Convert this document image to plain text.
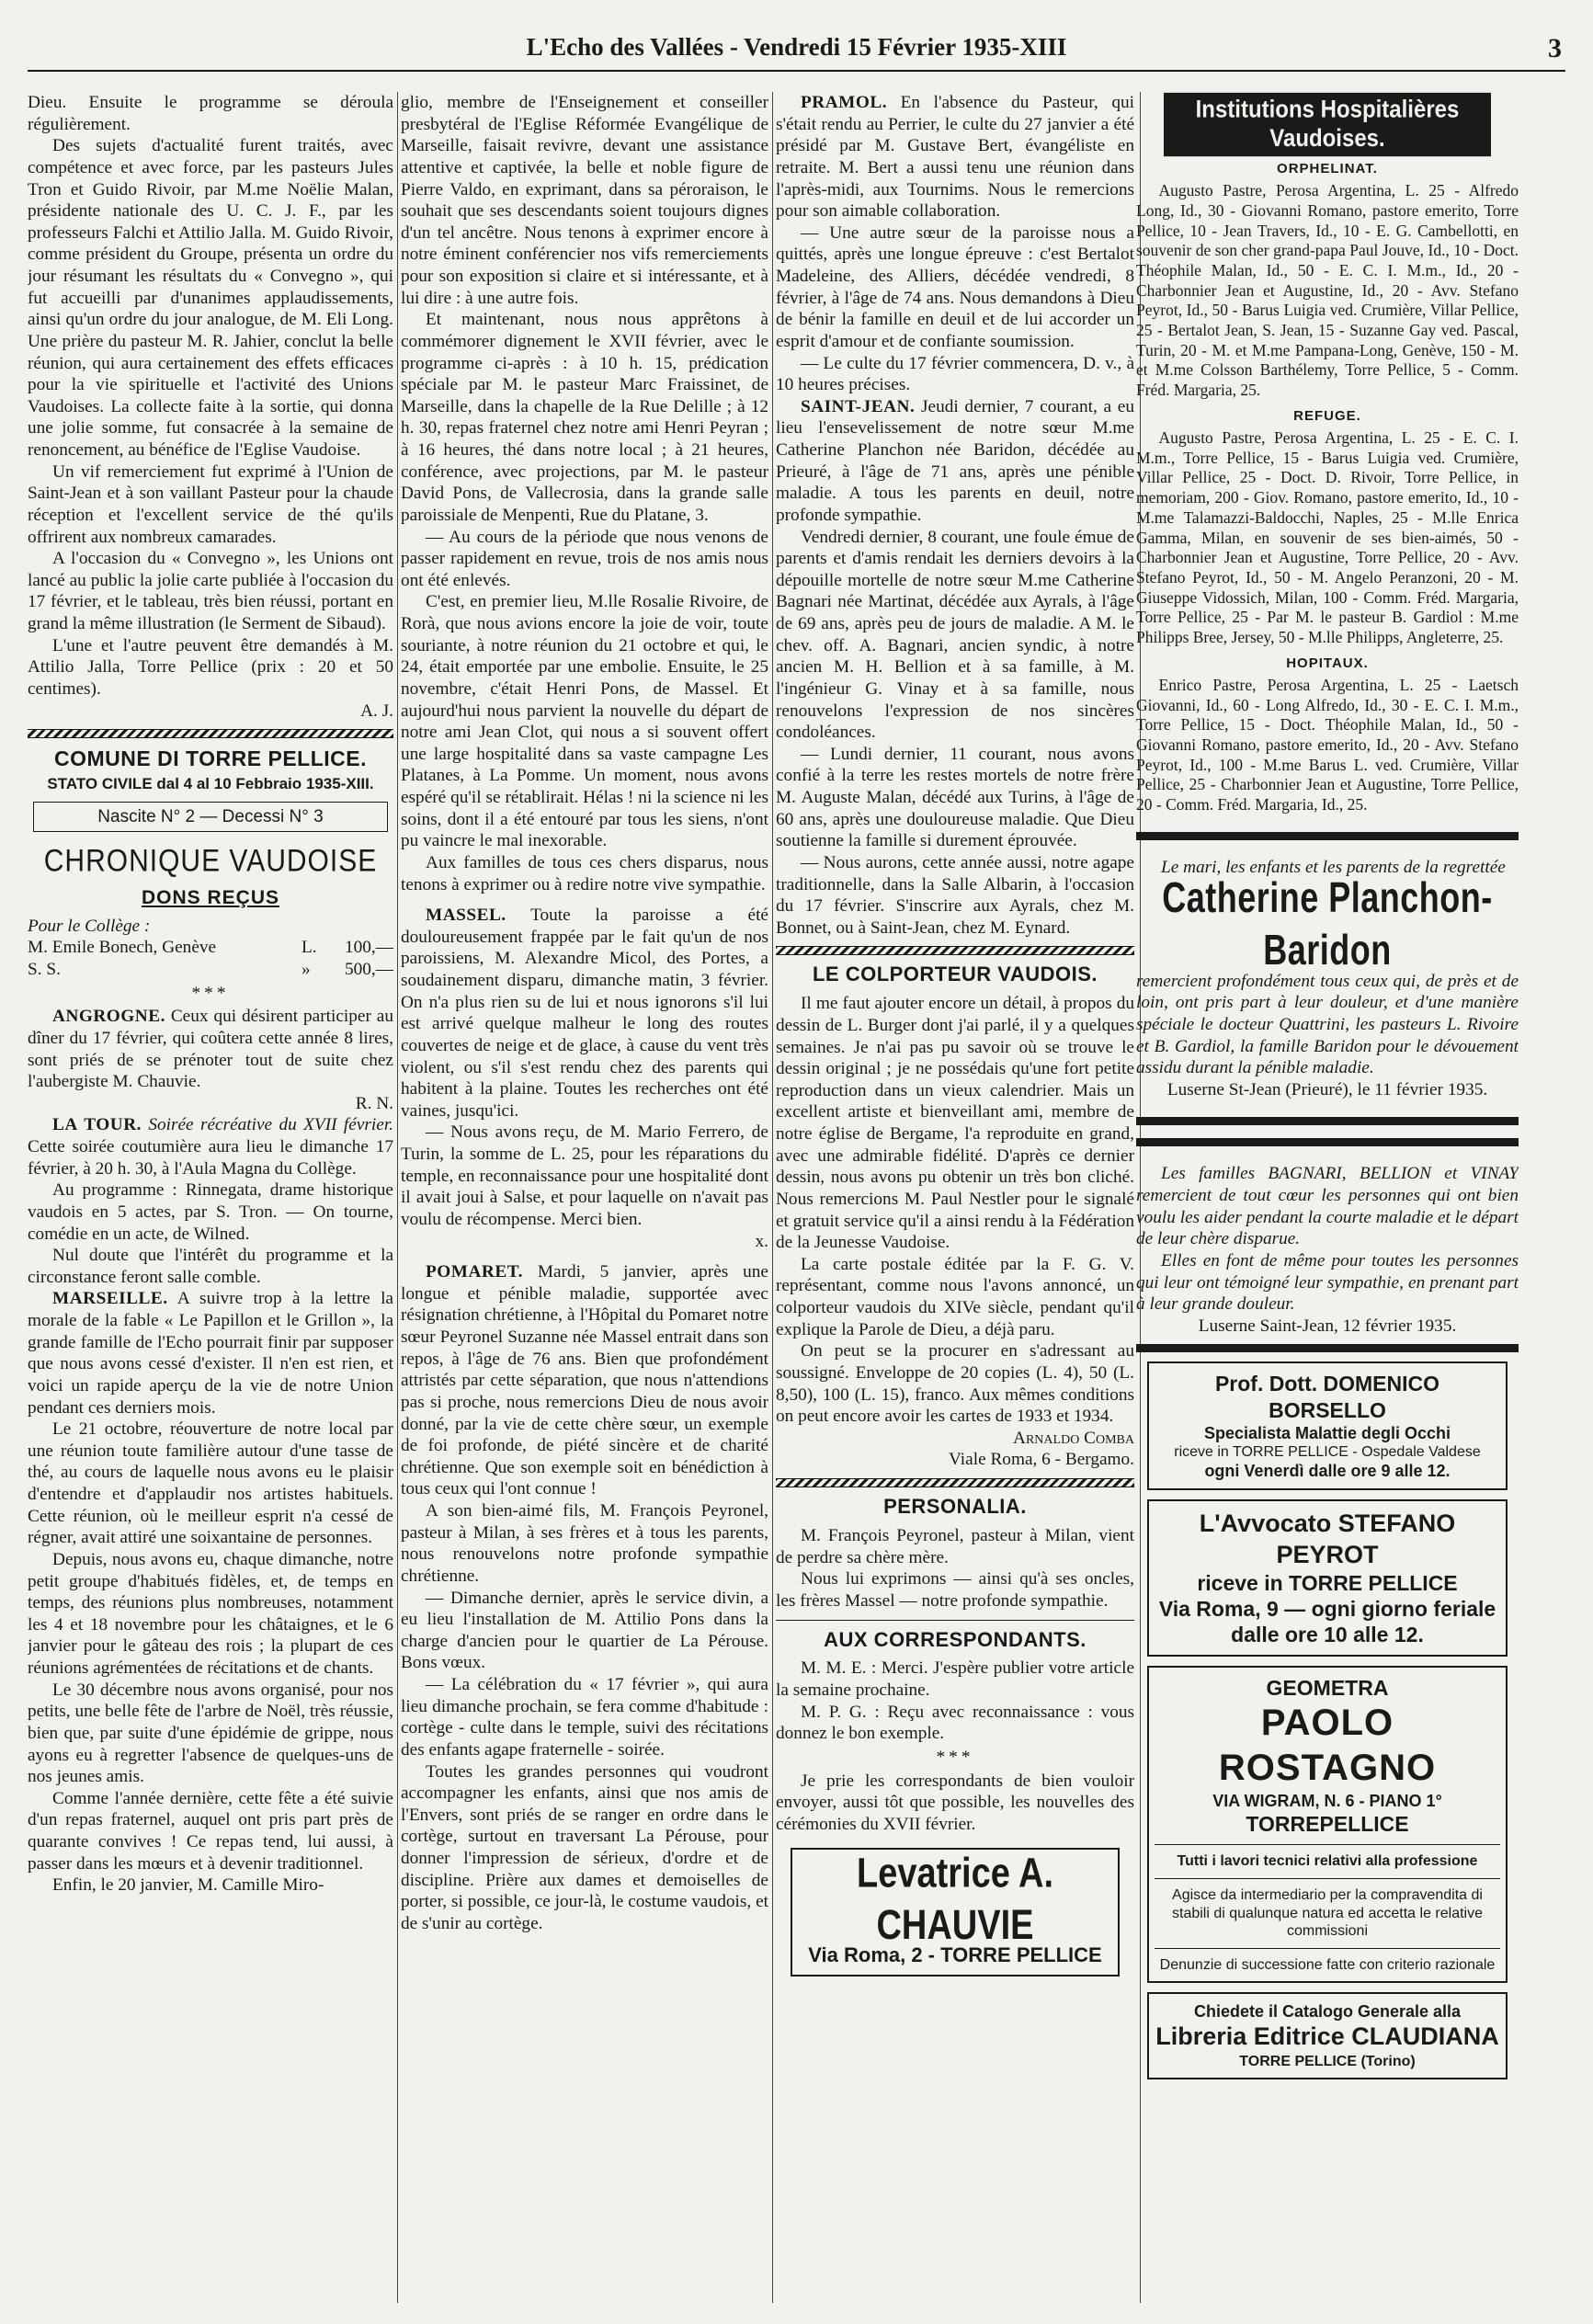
L'Echo des Vallées - Vendredi 15 Février 1935-XIII	3

Dieu. Ensuite le programme se déroula régulièrement.

Des sujets d'actualité furent traités, avec compétence et avec force, par les pasteurs Jules Tron et Guido Rivoir, par M.me Noëlie Malan, présidente nationale des U. C. J. F., par les professeurs Falchi et Attilio Jalla. M. Guido Rivoir, comme président du Groupe, présenta un ordre du jour résumant les résultats du « Convegno », qui fut accueilli par d'unanimes applaudissements, ainsi qu'un ordre du jour analogue, de M. Eli Long. Une prière du pasteur M. R. Jahier, conclut la belle réunion, qui aura certainement des effets efficaces pour la vie spirituelle et l'activité des Unions Vaudoises. La collecte faite à la sortie, qui donna une jolie somme, fut consacrée à la semaine de renoncement, au bénéfice de l'Eglise Vaudoise.

Un vif remerciement fut exprimé à l'Union de Saint-Jean et à son vaillant Pasteur pour la chaude réception et l'excellent service de thé qu'ils offrirent aux nombreux camarades.

A l'occasion du « Convegno », les Unions ont lancé au public la jolie carte publiée à l'occasion du 17 février, et le tableau, très bien réussi, portant en grand la même illustration (le Serment de Sibaud).

L'une et l'autre peuvent être demandés à M. Attilio Jalla, Torre Pellice (prix : 20 et 50 centimes).

A. J.

COMUNE DI TORRE PELLICE.
STATO CIVILE dal 4 al 10 Febbraio 1935-XIII.
Nascite N° 2 — Decessi N° 3
CHRONIQUE VAUDOISE
DONS REÇUS

Pour le Collège :

M. Emile Bonech, Genève	L.	100,—
S. S.	»	500,—

***

ANGROGNE. Ceux qui désirent participer au dîner du 17 février, qui coûtera cette année 8 lires, sont priés de se prénoter tout de suite chez l'aubergiste M. Chauvie.

R. N.

LA TOUR. Soirée récréative du XVII février. Cette soirée coutumière aura lieu le dimanche 17 février, à 20 h. 30, à l'Aula Magna du Collège.

Au programme : Rinnegata, drame historique vaudois en 5 actes, par S. Tron. — On tourne, comédie en un acte, de Wilned.

Nul doute que l'intérêt du programme et la circonstance feront salle comble.

MARSEILLE. A suivre trop à la lettre la morale de la fable « Le Papillon et le Grillon », la grande famille de l'Echo pourrait finir par supposer que nous avons cessé d'exister. Il n'en est rien, et voici un rapide aperçu de la vie de notre Union pendant ces derniers mois.

Le 21 octobre, réouverture de notre local par une réunion toute familière autour d'une tasse de thé, au cours de laquelle nous avons eu le plaisir d'entendre et d'applaudir nos artistes habituels. Cette réunion, où le meilleur esprit n'a cessé de régner, avait attiré une soixantaine de personnes.

Depuis, nous avons eu, chaque dimanche, notre petit groupe d'habitués fidèles, et, de temps en temps, des réunions plus nombreuses, notamment les 4 et 18 novembre pour les châtaignes, et le 6 janvier pour le gâteau des rois ; la plupart de ces réunions agrémentées de récitations et de chants.

Le 30 décembre nous avons organisé, pour nos petits, une belle fête de l'arbre de Noël, très réussie, bien que, par suite d'une épidémie de grippe, nous ayons eu à regretter l'absence de quelques-uns de nos jeunes amis.

Comme l'année dernière, cette fête a été suivie d'un repas fraternel, auquel ont pris part près de quarante convives ! Ce repas tend, lui aussi, à passer dans les mœurs et à devenir traditionnel.

Enfin, le 20 janvier, M. Camille Miro-

glio, membre de l'Enseignement et conseiller presbytéral de l'Eglise Réformée Evangélique de Marseille, faisait revivre, devant une assistance attentive et captivée, la belle et noble figure de Pierre Valdo, en exprimant, dans sa péroraison, le souhait que ses descendants soient toujours dignes d'un tel ancêtre. Nous tenons à exprimer encore à notre éminent conférencier nos vifs remerciements pour son exposition si claire et si intéressante, et à lui dire : à une autre fois.

Et maintenant, nous nous apprêtons à commémorer dignement le XVII février, avec le programme ci-après : à 10 h. 15, prédication spéciale par M. le pasteur Marc Fraissinet, de Marseille, dans la chapelle de la Rue Delille ; à 12 h. 30, repas fraternel chez notre ami Henri Peyran ; à 16 heures, thé dans notre local ; à 21 heures, conférence, avec projections, par M. le pasteur David Pons, de Vallecrosia, dans la grande salle paroissiale de Menpenti, Rue du Platane, 3.

— Au cours de la période que nous venons de passer rapidement en revue, trois de nos amis nous ont été enlevés.

C'est, en premier lieu, M.lle Rosalie Rivoire, de Rorà, que nous avions encore la joie de voir, toute souriante, à notre réunion du 21 octobre et qui, le 24, était emportée par une embolie. Ensuite, le 25 novembre, c'était Henri Pons, de Massel. Et aujourd'hui nous parvient la nouvelle du départ de notre ami Jean Clot, qui nous a si souvent offert une large hospitalité dans sa vaste campagne Les Platanes, à La Pomme. Un moment, nous avons espéré qu'il se rétablirait. Hélas ! ni la science ni les soins, dont il a été entouré par tous les siens, n'ont pu vaincre le mal inexorable.

Aux familles de tous ces chers disparus, nous tenons à exprimer ou à redire notre vive sympathie.

MASSEL. Toute la paroisse a été douloureusement frappée par le fait qu'un de nos paroissiens, M. Alexandre Micol, des Portes, a soudainement disparu, dimanche matin, 3 février. On n'a plus rien su de lui et nous ignorons s'il lui est arrivé quelque malheur le long des routes couvertes de neige et de glace, à cause du vent très violent, ou s'il s'est rendu chez des parents qui habitent à la plaine. Toutes les recherches ont été vaines, jusqu'ici.

— Nous avons reçu, de M. Mario Ferrero, de Turin, la somme de L. 25, pour les réparations du temple, en reconnaissance pour une hospitalité dont il avait joui à Salse, et pour laquelle on n'avait pas voulu de récompense. Merci bien.

x.

POMARET. Mardi, 5 janvier, après une longue et pénible maladie, supportée avec résignation chrétienne, à l'Hôpital du Pomaret notre sœur Peyronel Suzanne née Massel entrait dans son repos, à l'âge de 76 ans. Bien que profondément attristés par cette séparation, que nous n'attendions pas si proche, nous remercions Dieu de nous avoir donné, par la vie de cette chère sœur, un exemple de foi profonde, de piété sincère et de charité chrétienne. Que son exemple soit en bénédiction à tous ceux qui l'ont connue !

A son bien-aimé fils, M. François Peyronel, pasteur à Milan, à ses frères et à tous les parents, nous renouvelons notre profonde sympathie chrétienne.

— Dimanche dernier, après le service divin, a eu lieu l'installation de M. Attilio Pons dans la charge d'ancien pour le quartier de La Pérouse. Bons vœux.

— La célébration du « 17 février », qui aura lieu dimanche prochain, se fera comme d'habitude : cortège - culte dans le temple, suivi des récitations des enfants agape fraternelle - soirée.

Toutes les grandes personnes qui voudront accompagner les enfants, ainsi que nos amis de l'Envers, sont priés de se ranger en ordre dans le cortège, surtout en traversant La Pérouse, pour donner l'impression de sérieux, d'ordre et de discipline. Prière aux dames et demoiselles de porter, si possible, ce jour-là, le costume vaudois, et de s'unir au cortège.

PRAMOL. En l'absence du Pasteur, qui s'était rendu au Perrier, le culte du 27 janvier a été présidé par M. Gustave Bert, évangéliste en retraite. M. Bert a aussi tenu une réunion dans l'après-midi, aux Tournims. Nous le remercions pour son aimable collaboration.

— Une autre sœur de la paroisse nous a quittés, après une longue épreuve : c'est Bertalot Madeleine, des Alliers, décédée vendredi, 8 février, à l'âge de 74 ans. Nous demandons à Dieu de bénir la famille en deuil et de lui accorder un esprit d'amour et de confiante soumission.

— Le culte du 17 février commencera, D. v., à 10 heures précises.

SAINT-JEAN. Jeudi dernier, 7 courant, a eu lieu l'ensevelissement de notre sœur M.me Catherine Planchon née Baridon, décédée au Prieuré, à l'âge de 71 ans, après une pénible maladie. A tous les parents en deuil, notre profonde sympathie.

Vendredi dernier, 8 courant, une foule émue de parents et d'amis rendait les derniers devoirs à la dépouille mortelle de notre sœur M.me Catherine Bagnari née Martinat, décédée aux Ayrals, à l'âge de 69 ans, après peu de jours de maladie. A M. le chev. off. A. Bagnari, ancien syndic, à notre ancien M. H. Bellion et à sa famille, à M. l'ingénieur G. Vinay et à sa famille, nous renouvelons l'expression de nos sincères condoléances.

— Lundi dernier, 11 courant, nous avons confié à la terre les restes mortels de notre frère M. Auguste Malan, décédé aux Turins, à l'âge de 60 ans, après une douloureuse maladie. Que Dieu soutienne la famille si durement éprouvée.

— Nous aurons, cette année aussi, notre agape traditionnelle, dans la Salle Albarin, à l'occasion du 17 février. S'inscrire aux Ayrals, chez M. Bonnet, ou à Saint-Jean, chez M. Eynard.

LE COLPORTEUR VAUDOIS.

Il me faut ajouter encore un détail, à propos du dessin de L. Burger dont j'ai parlé, il y a quelques semaines. Je n'ai pas pu savoir où se trouve le dessin original ; je ne possédais qu'une fort petite reproduction dans un vieux calendrier. Mais un excellent artiste et bienveillant ami, membre de notre église de Bergame, l'a reproduite en grand, avec une admirable fidélité. D'après ce dernier dessin, nous avons pu obtenir un très bon cliché. Nous remercions M. Paul Nestler pour le signalé et gratuit service qu'il a ainsi rendu à la Fédération de la Jeunesse Vaudoise.

La carte postale éditée par la F. G. V. représentant, comme nous l'avons annoncé, un colporteur vaudois du XIVe siècle, pendant qu'il explique la Parole de Dieu, a déjà paru.

On peut se la procurer en s'adressant au soussigné. Enveloppe de 20 copies (L. 4), 50 (L. 8,50), 100 (L. 15), franco. Aux mêmes conditions on peut encore avoir les cartes de 1933 et 1934.

Arnaldo Comba

Viale Roma, 6 - Bergamo.

PERSONALIA.

M. François Peyronel, pasteur à Milan, vient de perdre sa chère mère.

Nous lui exprimons — ainsi qu'à ses oncles, les frères Massel — notre profonde sympathie.

AUX CORRESPONDANTS.

M. M. E. : Merci. J'espère publier votre article la semaine prochaine.

M. P. G. : Reçu avec reconnaissance : vous donnez le bon exemple.

***

Je prie les correspondants de bien vouloir envoyer, aussi tôt que possible, les nouvelles des cérémonies du XVII février.

Levatrice A. CHAUVIE
Via Roma, 2 - TORRE PELLICE
Institutions Hospitalières Vaudoises.
ORPHELINAT.

Augusto Pastre, Perosa Argentina, L. 25 - Alfredo Long, Id., 30 - Giovanni Romano, pastore emerito, Torre Pellice, 10 - Jean Travers, Id., 10 - E. G. Cambellotti, en souvenir de son cher grand-papa Paul Jouve, Id., 10 - Doct. Théophile Malan, Id., 50 - E. C. I. M.m., Id., 20 - Charbonnier Jean et Augustine, Id., 20 - Avv. Stefano Peyrot, Id., 50 - Barus Luigia ved. Crumière, Villar Pellice, 25 - Bertalot Jean, S. Jean, 15 - Suzanne Gay ved. Pascal, Turin, 20 - M. et M.me Pampana-Long, Genève, 150 - M. et M.me Colsson Barthélemy, Torre Pellice, 5 - Comm. Fréd. Margaria, 25.

REFUGE.

Augusto Pastre, Perosa Argentina, L. 25 - E. C. I. M.m., Torre Pellice, 15 - Barus Luigia ved. Crumière, Villar Pellice, 25 - Doct. D. Rivoir, Torre Pellice, in memoriam, 200 - Giov. Romano, pastore emerito, Id., 10 - M.me Talamazzi-Baldocchi, Naples, 25 - M.lle Enrica Gamma, Milan, en souvenir de ses bien-aimés, 50 - Charbonnier Jean et Augustine, Torre Pellice, 20 - Avv. Stefano Peyrot, Id., 50 - M. Angelo Peranzoni, 20 - M. Giuseppe Vidossich, Milan, 100 - Comm. Fréd. Margaria, Torre Pellice, 25 - Par M. le pasteur B. Gardiol : M.me Philipps Bree, Jersey, 50 - M.lle Philipps, Angleterre, 25.

HOPITAUX.

Enrico Pastre, Perosa Argentina, L. 25 - Laetsch Giovanni, Id., 60 - Long Alfredo, Id., 30 - E. C. I. M.m., Torre Pellice, 15 - Doct. Théophile Malan, Id., 50 - Giovanni Romano, pastore emerito, Id., 20 - Avv. Stefano Peyrot, Id., 100 - M.me Barus L. ved. Crumière, Villar Pellice, 25 - Charbonnier Jean et Augustine, Torre Pellice, 20 - Comm. Fréd. Margaria, Id., 25.

Le mari, les enfants et les parents de la regrettée

Catherine Planchon-Baridon

remercient profondément tous ceux qui, de près et de loin, ont pris part à leur douleur, et d'une manière spéciale le docteur Quattrini, les pasteurs L. Rivoire et B. Gardiol, la famille Baridon pour le dévouement assidu durant la pénible maladie.

Luserne St-Jean (Prieuré), le 11 février 1935.

Les familles BAGNARI, BELLION et VINAY remercient de tout cœur les personnes qui ont bien voulu les aider pendant la courte maladie et le départ de leur chère disparue.

Elles en font de même pour toutes les personnes qui leur ont témoigné leur sympathie, en prenant part à leur grande douleur.

Luserne Saint-Jean, 12 février 1935.

Prof. Dott. DOMENICO BORSELLO
Specialista Malattie degli Occhi
riceve in TORRE PELLICE - Ospedale Valdese
ogni Venerdì dalle ore 9 alle 12.
L'Avvocato STEFANO PEYROT
riceve in TORRE PELLICE
Via Roma, 9 — ogni giorno feriale
dalle ore 10 alle 12.
GEOMETRA
PAOLO ROSTAGNO
VIA WIGRAM, N. 6 - PIANO 1°
TORREPELLICE
Tutti i lavori tecnici relativi alla professione
Agisce da intermediario per la compravendita di stabili di qualunque natura ed accetta le relative commissioni
Denunzie di successione fatte con criterio razionale
Chiedete il Catalogo Generale alla
Libreria Editrice CLAUDIANA
TORRE PELLICE (Torino)
